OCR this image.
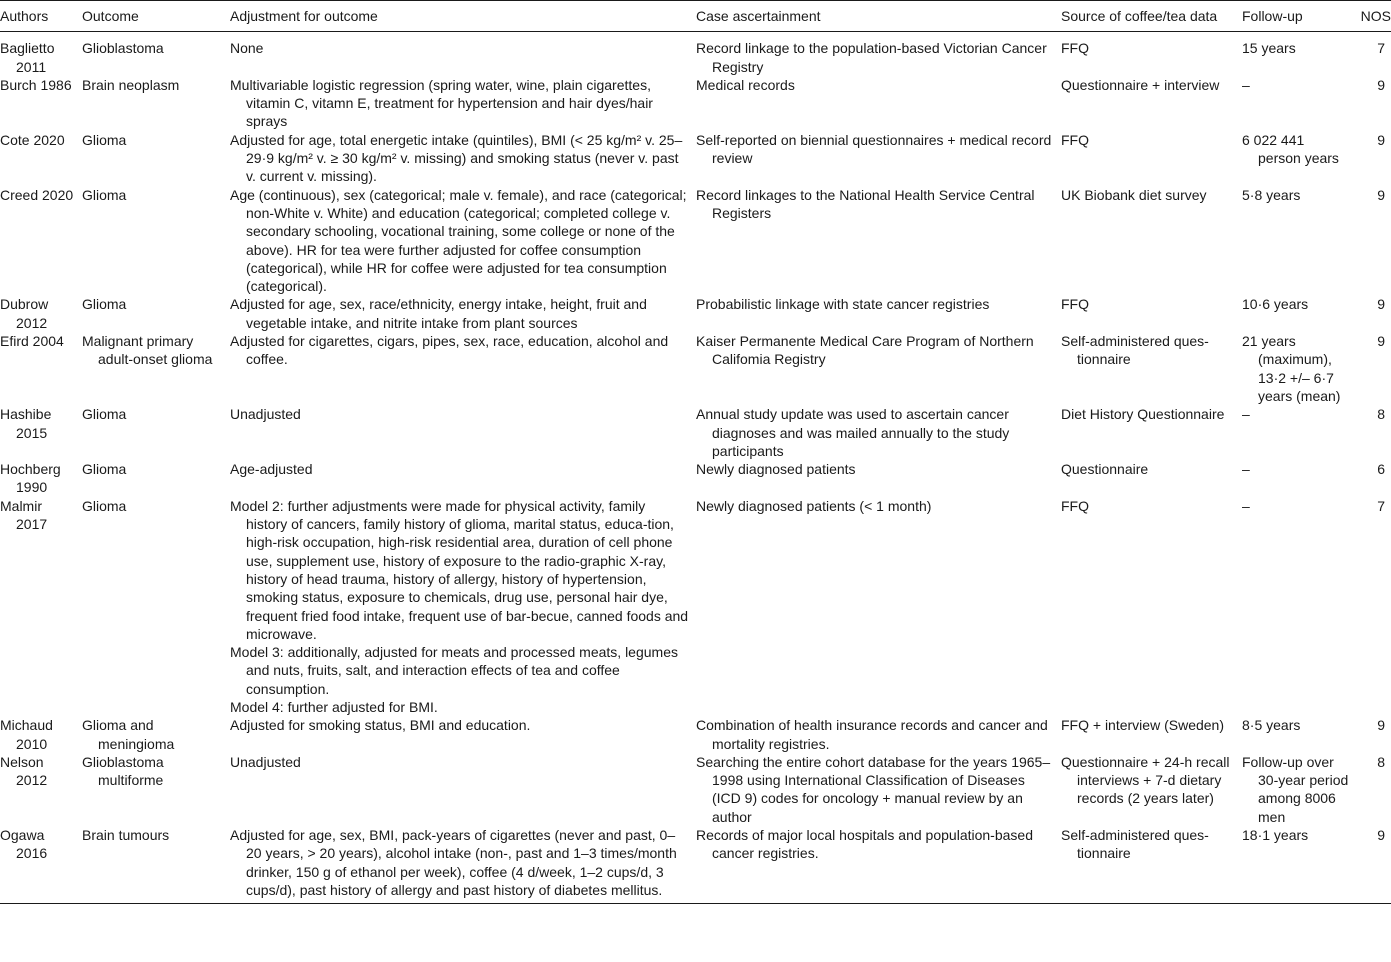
Authors	Outcome	Adjustment for outcome	Case ascertainment	Source of coffee/tea data	Follow-up	NOS
Baglietto 2011	Glioblastoma	None	Record linkage to the population-based Victorian Cancer Registry	FFQ	15 years	7
Burch 1986	Brain neoplasm	Multivariable logistic regression (spring water, wine, plain cigarettes, vitamin C, vitamn E, treatment for hypertension and hair dyes/hair sprays	Medical records	Questionnaire + interview	–	9
Cote 2020	Glioma	Adjusted for age, total energetic intake (quintiles), BMI (< 25 kg/m² v. 25–29·9 kg/m² v. ≥ 30 kg/m² v. missing) and smoking status (never v. past v. current v. missing).	Self-reported on biennial questionnaires + medical record review	FFQ	6 022 441 person years	9
Creed 2020	Glioma	Age (continuous), sex (categorical; male v. female), and race (categorical; non-White v. White) and education (categorical; completed college v. secondary schooling, vocational training, some college or none of the above). HR for tea were further adjusted for coffee consumption (categorical), while HR for coffee were adjusted for tea consumption (categorical).	Record linkages to the National Health Service Central Registers	UK Biobank diet survey	5·8 years	9
Dubrow 2012	Glioma	Adjusted for age, sex, race/ethnicity, energy intake, height, fruit and vegetable intake, and nitrite intake from plant sources	Probabilistic linkage with state cancer registries	FFQ	10·6 years	9
Efird 2004	Malignant primary adult-onset glioma	Adjusted for cigarettes, cigars, pipes, sex, race, education, alcohol and coffee.	Kaiser Permanente Medical Care Program of Northern Califomia Registry	Self-administered ques-tionnaire	21 years (maximum), 13·2 +/– 6·7 years (mean)	9
Hashibe 2015	Glioma	Unadjusted	Annual study update was used to ascertain cancer diagnoses and was mailed annually to the study participants	Diet History Questionnaire	–	8
Hochberg 1990	Glioma	Age-adjusted	Newly diagnosed patients	Questionnaire	–	6
Malmir 2017	Glioma	Model 2: further adjustments were made for physical activity, family history of cancers, family history of glioma, marital status, educa-tion, high-risk occupation, high-risk residential area, duration of cell phone use, supplement use, history of exposure to the radio-graphic X-ray, history of head trauma, history of allergy, history of hypertension, smoking status, exposure to chemicals, drug use, personal hair dye, frequent fried food intake, frequent use of bar-becue, canned foods and microwave.

Model 3: additionally, adjusted for meats and processed meats, legumes and nuts, fruits, salt, and interaction effects of tea and coffee consumption.

Model 4: further adjusted for BMI.	Newly diagnosed patients (< 1 month)	FFQ	–	7
Michaud 2010	Glioma and meningioma	Adjusted for smoking status, BMI and education.	Combination of health insurance records and cancer and mortality registries.	FFQ + interview (Sweden)	8·5 years	9
Nelson 2012	Glioblastoma multiforme	Unadjusted	Searching the entire cohort database for the years 1965–1998 using International Classification of Diseases (ICD 9) codes for oncology + manual review by an author	Questionnaire + 24-h recall interviews + 7-d dietary records (2 years later)	Follow-up over 30-year period among 8006 men	8
Ogawa 2016	Brain tumours	Adjusted for age, sex, BMI, pack-years of cigarettes (never and past, 0–20 years, > 20 years), alcohol intake (non-, past and 1–3 times/month drinker, 150 g of ethanol per week), coffee (4 d/week, 1–2 cups/d, 3 cups/d), past history of allergy and past history of diabetes mellitus.	Records of major local hospitals and population-based cancer registries.	Self-administered ques-tionnaire	18·1 years	9
